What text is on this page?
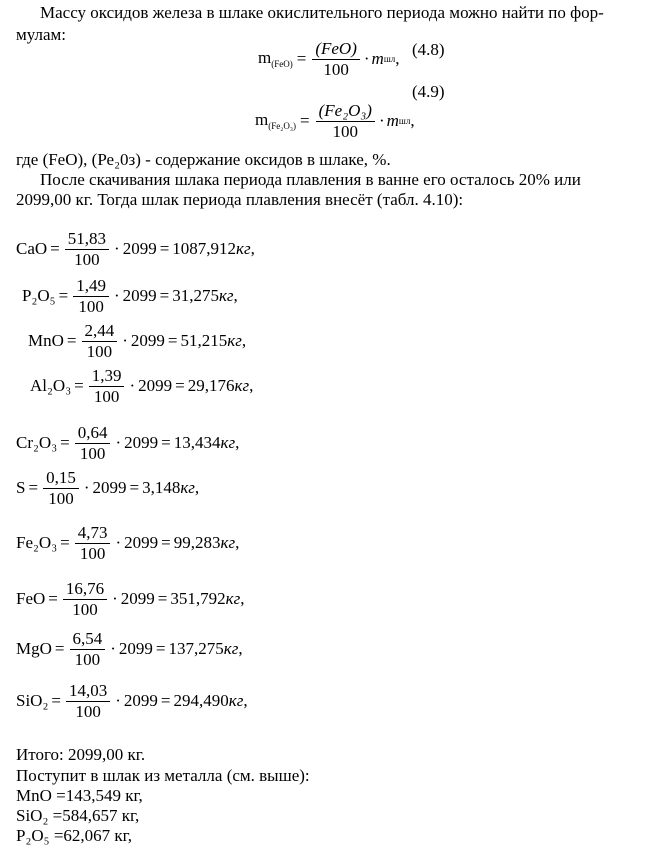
Массу оксидов железа в шлаке окислительного периода можно найти по фор-
мулам:
$m_{(FeO)} = \frac{\text{(FeO)}}{100} \cdot m$ шл , (4.8)
(4.9)
$m_{(Fe_2O_3)} = \frac{\text{(Fe₂O₃)}}{100} \cdot m$ шл ,
где (FeO), (Ре₂0з) - содержание оксидов в шлаке, %.
После скачивания шлака периода плавления в ванне его осталось 20% или
2099,00 кг. Тогда шлак периода плавления внесёт (табл. 4.10):
CaO = $\frac{51,83}{100} \cdot 2099 = 1087,912$ кг ,
$P_2O_5 = \frac{1,49}{100} \cdot 2099 = 31,275$ кг ,
MnO = $\frac{2,44}{100} \cdot 2099 = 51,215$ кг ,
$Al_2O_3 = \frac{1,39}{100} \cdot 2099 = 29,176$ кг ,
$Cr_2O_3 = \frac{0,64}{100} \cdot 2099 = 13,434$ кг ,
$S = \frac{0,15}{100} \cdot 2099 = 3,148$ кг ,
$Fe_2O_3 = \frac{4,73}{100} \cdot 2099 = 99,283$ кг ,
FeO = $\frac{16,76}{100} \cdot 2099 = 351,792$ кг ,
MgO = $\frac{6,54}{100} \cdot 2099 = 137,275$ кг ,
$SiO_2 = \frac{14,03}{100} \cdot 2099 = 294,490$ кг ,
Итого: 2099,00 кг.
Поступит в шлак из металла (см. выше):
MnO =143,549 кг,
SiO₂ =584,657 кг,
P₂O₅ =62,067 кг,
